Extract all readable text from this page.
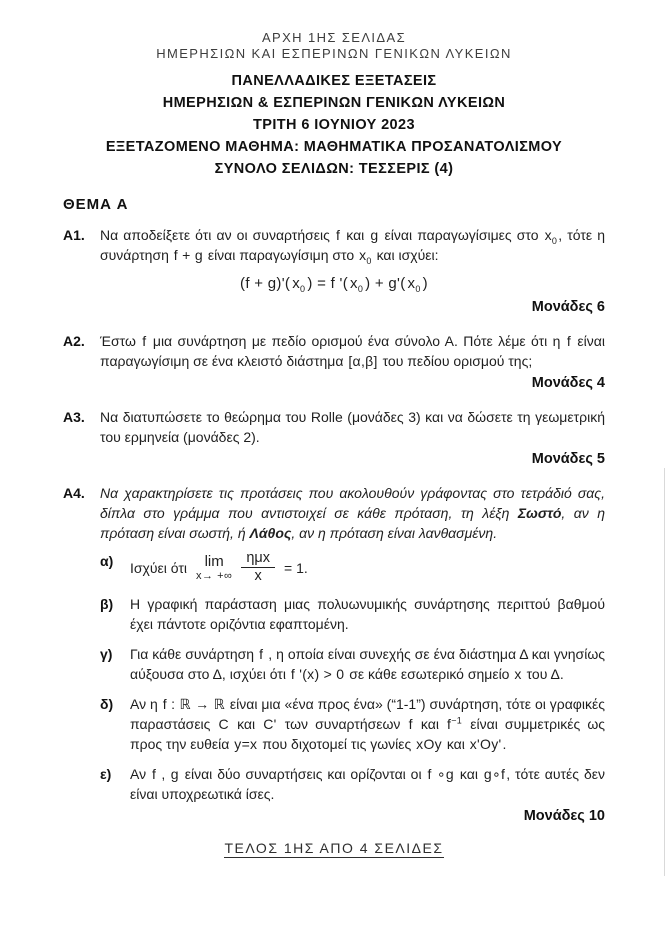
ΑΡΧΗ 1ΗΣ ΣΕΛΙΔΑΣ
ΗΜΕΡΗΣΙΩΝ ΚΑΙ ΕΣΠΕΡΙΝΩΝ ΓΕΝΙΚΩΝ ΛΥΚΕΙΩΝ
ΠΑΝΕΛΛΑΔΙΚΕΣ ΕΞΕΤΑΣΕΙΣ
ΗΜΕΡΗΣΙΩΝ & ΕΣΠΕΡΙΝΩΝ ΓΕΝΙΚΩΝ ΛΥΚΕΙΩΝ
ΤΡΙΤΗ 6 ΙΟΥΝΙΟΥ 2023
ΕΞΕΤΑΖΟΜΕΝΟ ΜΑΘΗΜΑ: ΜΑΘΗΜΑΤΙΚΑ ΠΡΟΣΑΝΑΤΟΛΙΣΜΟΥ
ΣΥΝΟΛΟ ΣΕΛΙΔΩΝ: ΤΕΣΣΕΡΙΣ (4)
ΘΕΜΑ Α
Α1.	Να αποδείξετε ότι αν οι συναρτήσεις f και g είναι παραγωγίσιμες στο $x_0$, τότε η συνάρτηση f + g είναι παραγωγίσιμη στο $x_0$ και ισχύει:

(f + g)'( $x_0$ ) = f '( $x_0$ ) + g'( $x_0$ )
Μονάδες 6
Α2.	Έστω f μια συνάρτηση με πεδίο ορισμού ένα σύνολο Α. Πότε λέμε ότι η f είναι παραγωγίσιμη σε ένα κλειστό διάστημα [α,β] του πεδίου ορισμού της;

Μονάδες 4
Α3.	Να διατυπώσετε το θεώρημα του Rolle (μονάδες 3) και να δώσετε τη γεωμετρική του ερμηνεία (μονάδες 2).

Μονάδες 5
Α4.	Να χαρακτηρίσετε τις προτάσεις που ακολουθούν γράφοντας στο τετράδιό σας, δίπλα στο γράμμα που αντιστοιχεί σε κάθε πρόταση, τη λέξη Σωστό, αν η πρόταση είναι σωστή, ή Λάθος, αν η πρόταση είναι λανθασμένη.

α)	Ισχύει ότι lim
x→ +∞ $\frac{\text{ημx}}{x} = 1$.
β)	Η γραφική παράσταση μιας πολυωνυμικής συνάρτησης περιττού βαθμού έχει πάντοτε οριζόντια εφαπτομένη.

γ)	Για κάθε συνάρτηση f , η οποία είναι συνεχής σε ένα διάστημα Δ και γνησίως αύξουσα στο Δ, ισχύει ότι f '(x) > 0 σε κάθε εσωτερικό σημείο x του Δ.

δ)	Αν η f : ℝ → ℝ είναι μια «ένα προς ένα» (“1-1”) συνάρτηση, τότε οι γραφικές παραστάσεις C και C' των συναρτήσεων f και $f^{-1}$ είναι συμμετρικές ως προς την ευθεία y=x που διχοτομεί τις γωνίες xOy και x'Oy'.

ε)	Αν f , g είναι δύο συναρτήσεις και ορίζονται οι f ∘g και g∘f, τότε αυτές δεν είναι υποχρεωτικά ίσες.

Μονάδες 10
ΤΕΛΟΣ 1ΗΣ ΑΠΟ 4 ΣΕΛΙΔΕΣ
